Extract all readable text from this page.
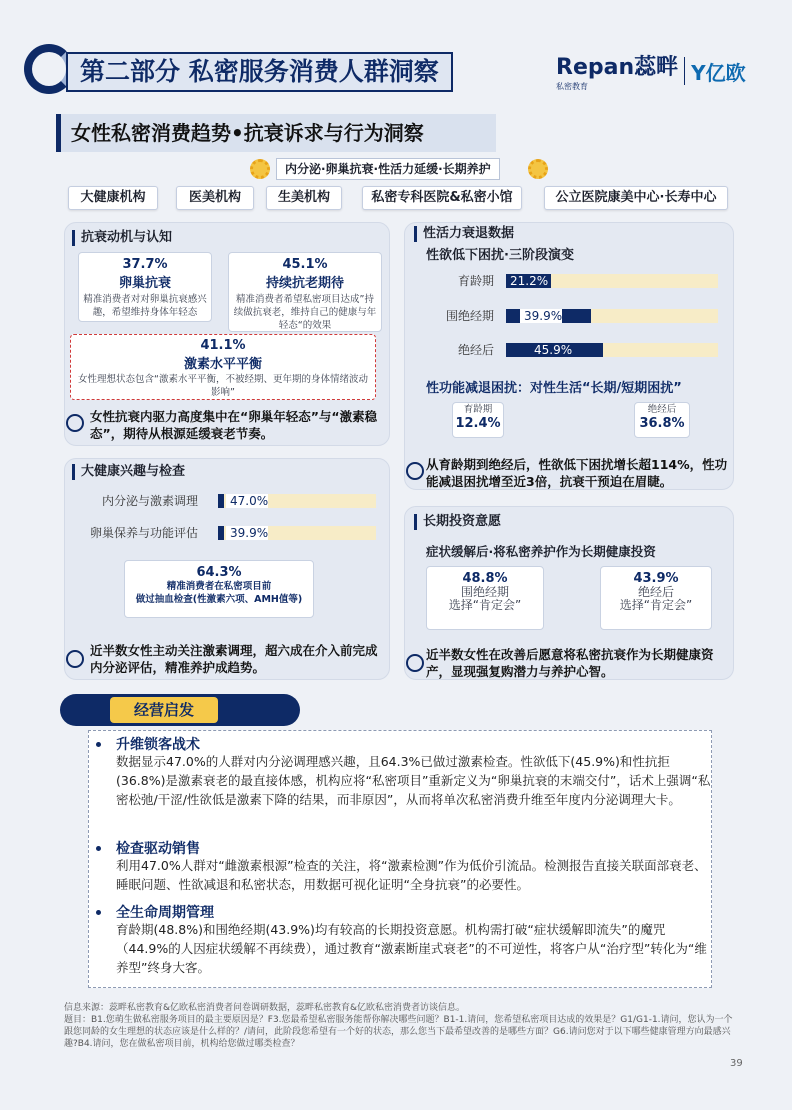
第二部分 私密服务消费人群洞察	Repan蕊畔
私密教育
Y亿欧
女性私密消费趋势•抗衰诉求与行为洞察
内分泌·卵巢抗衰·性活力延缓·长期养护
大健康机构	医美机构	生美机构	私密专科医院&私密小馆	公立医院康美中心·长寿中心
抗衰动机与认知
37.7%
卵巢抗衰
精准消费者对对卵巢抗衰感兴趣，希望维持身体年轻态
45.1%
持续抗老期待
精准消费者希望私密项目达成”持续做抗衰老，维持自己的健康与年轻态“的效果
41.1%
激素水平平衡
女性理想状态包含“激素水平平衡，不被经期、更年期的身体情绪波动影响”
女性抗衰内驱力高度集中在“卵巢年轻态”与“激素稳态”，期待从根源延缓衰老节奏。
性活力衰退数据
性欲低下困扰·三阶段演变
育龄期	21.2%
围绝经期	39.9%
绝经后	45.9%
性功能减退困扰：对性生活“长期/短期困扰”
育龄期
12.4%
绝经后
36.8%
从育龄期到绝经后，性欲低下困扰增长超114%，性功能减退困扰增至近3倍，抗衰干预迫在眉睫。
大健康兴趣与检查
内分泌与激素调理	47.0%
卵巢保养与功能评估	39.9%
64.3%
精准消费者在私密项目前
做过抽血检查(性激素六项、AMH值等)
近半数女性主动关注激素调理，超六成在介入前完成内分泌评估，精准养护成趋势。
长期投资意愿
症状缓解后·将私密养护作为长期健康投资
48.8%
围绝经期
选择“肯定会”
43.9%
绝经后
选择“肯定会”
近半数女性在改善后愿意将私密抗衰作为长期健康资产，显现强复购潜力与养护心智。
经营启发
升维锁客战术
数据显示47.0%的人群对内分泌调理感兴趣，且64.3%已做过激素检查。性欲低下(45.9%)和性抗拒(36.8%)是激素衰老的最直接体感，机构应将“私密项目”重新定义为“卵巢抗衰的末端交付”，话术上强调“私密松弛/干涩/性欲低是激素下降的结果，而非原因”，从而将单次私密消费升维至年度内分泌调理大卡。
检查驱动销售
利用47.0%人群对“雌激素根源”检查的关注，将“激素检测”作为低价引流品。检测报告直接关联面部衰老、睡眠问题、性欲减退和私密状态，用数据可视化证明“全身抗衰”的必要性。
全生命周期管理
育龄期(48.8%)和围绝经期(43.9%)均有较高的长期投资意愿。机构需打破“症状缓解即流失”的魔咒（44.9%的人因症状缓解不再续费），通过教育“激素断崖式衰老”的不可逆性，将客户从“治疗型”转化为“维养型”终身大客。
信息来源：蕊畔私密教育&亿欧私密消费者问卷调研数据，蕊畔私密教育&亿欧私密消费者访谈信息。
题目：B1.您萌生做私密服务项目的最主要原因是？F3.您最希望私密服务能帮你解决哪些问题？B1-1.请问，您希望私密项目达成的效果是？G1/G1-1.请问，您认为一个跟您同龄的女生理想的状态应该是什么样的？/请问，此阶段您希望有一个好的状态，那么您当下最希望改善的是哪些方面？G6.请问您对于以下哪些健康管理方向最感兴趣?B4.请问，您在做私密项目前，机构给您做过哪类检查？
39
